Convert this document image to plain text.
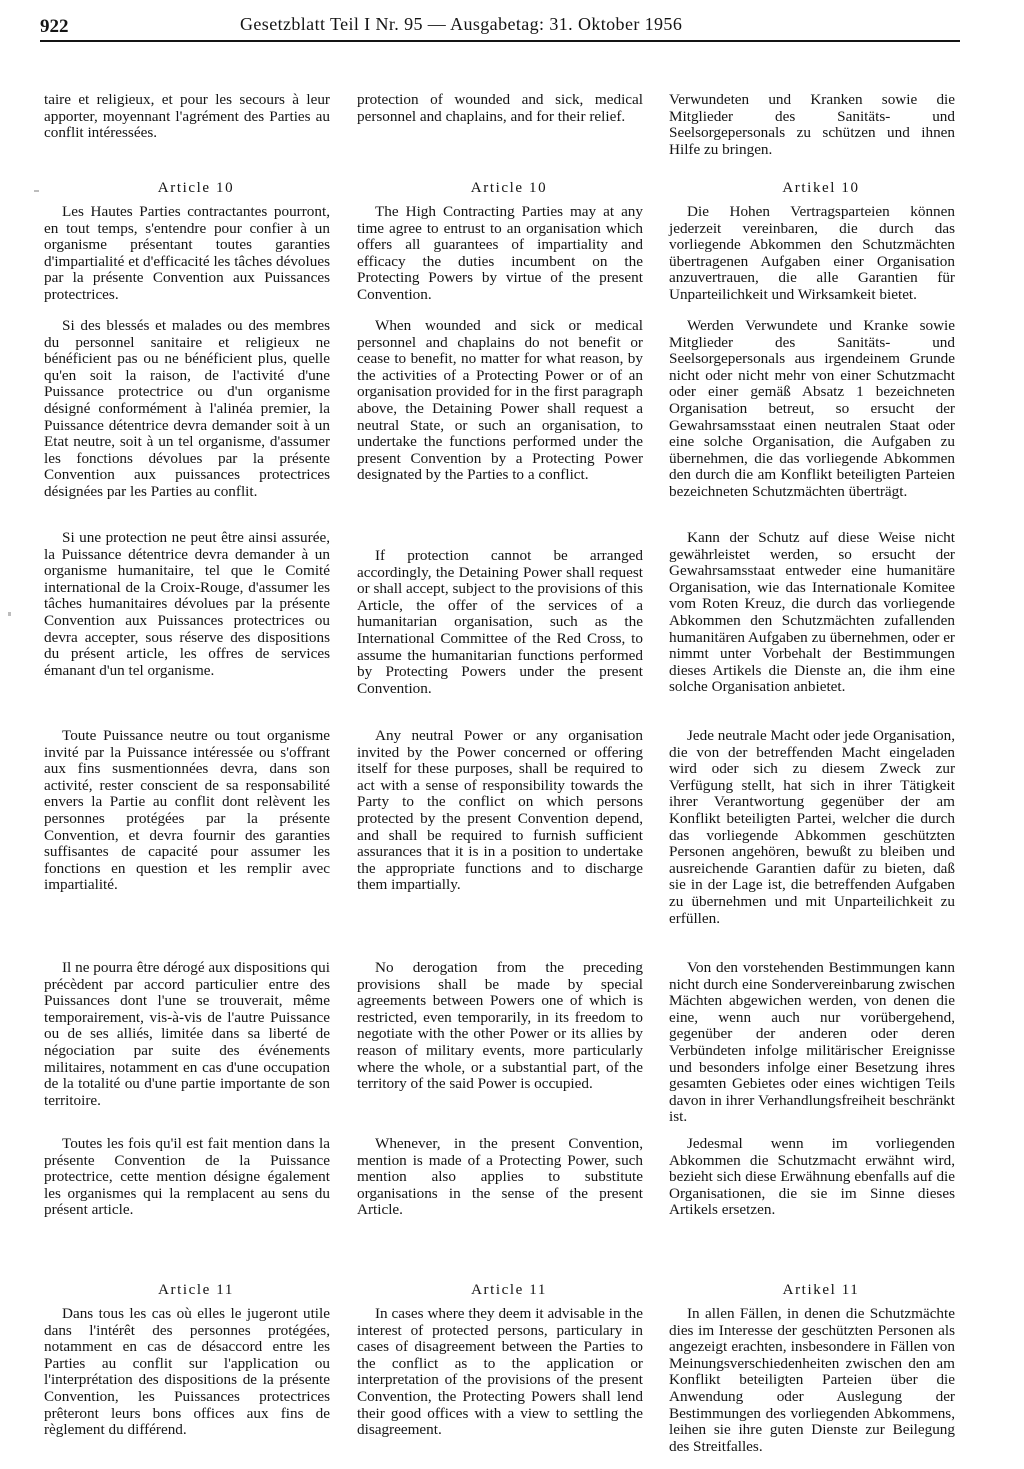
922	Gesetzblatt Teil I Nr. 95 — Ausgabetag: 31. Oktober 1956

taire et religieux, et pour les secours à leur apporter, moyennant l'agrément des Parties au conflit intéressées.

Article 10

Les Hautes Parties contractantes pourront, en tout temps, s'entendre pour confier à un organisme présentant toutes garanties d'impartialité et d'efficacité les tâches dévolues par la présente Convention aux Puissances protectrices.

Si des blessés et malades ou des membres du personnel sanitaire et religieux ne bénéficient pas ou ne bénéficient plus, quelle qu'en soit la raison, de l'activité d'une Puissance protectrice ou d'un organisme désigné conformément à l'alinéa premier, la Puissance détentrice devra demander soit à un Etat neutre, soit à un tel organisme, d'assumer les fonctions dévolues par la présente Convention aux puissances protectrices désignées par les Parties au conflit.

Si une protection ne peut être ainsi assurée, la Puissance détentrice devra demander à un organisme humanitaire, tel que le Comité international de la Croix-Rouge, d'assumer les tâches humanitaires dévolues par la présente Convention aux Puissances protectrices ou devra accepter, sous réserve des dispositions du présent article, les offres de services émanant d'un tel organisme.

Toute Puissance neutre ou tout organisme invité par la Puissance intéressée ou s'offrant aux fins susmentionnées devra, dans son activité, rester conscient de sa responsabilité envers la Partie au conflit dont relèvent les personnes protégées par la présente Convention, et devra fournir des garanties suffisantes de capacité pour assumer les fonctions en question et les remplir avec impartialité.

Il ne pourra être dérogé aux dispositions qui précèdent par accord particulier entre des Puissances dont l'une se trouverait, même temporairement, vis-à-vis de l'autre Puissance ou de ses alliés, limitée dans sa liberté de négociation par suite des événements militaires, notamment en cas d'une occupation de la totalité ou d'une partie importante de son territoire.

Toutes les fois qu'il est fait mention dans la présente Convention de la Puissance protectrice, cette mention désigne également les organismes qui la remplacent au sens du présent article.

Article 11

Dans tous les cas où elles le jugeront utile dans l'intérêt des personnes protégées, notamment en cas de désaccord entre les Parties au conflit sur l'application ou l'interprétation des dispositions de la présente Convention, les Puissances protectrices prêteront leurs bons offices aux fins de règlement du différend.

protection of wounded and sick, medical personnel and chaplains, and for their relief.

Article 10

The High Contracting Parties may at any time agree to entrust to an organisation which offers all guarantees of impartiality and efficacy the duties incumbent on the Protecting Powers by virtue of the present Convention.

When wounded and sick or medical personnel and chaplains do not benefit or cease to benefit, no matter for what reason, by the activities of a Protecting Power or of an organisation provided for in the first paragraph above, the Detaining Power shall request a neutral State, or such an organisation, to undertake the functions performed under the present Convention by a Protecting Power designated by the Parties to a conflict.

If protection cannot be arranged accordingly, the Detaining Power shall request or shall accept, subject to the provisions of this Article, the offer of the services of a humanitarian organisation, such as the International Committee of the Red Cross, to assume the humanitarian functions performed by Protecting Powers under the present Convention.

Any neutral Power or any organisation invited by the Power concerned or offering itself for these purposes, shall be required to act with a sense of responsibility towards the Party to the conflict on which persons protected by the present Convention depend, and shall be required to furnish sufficient assurances that it is in a position to undertake the appropriate functions and to discharge them impartially.

No derogation from the preceding provisions shall be made by special agreements between Powers one of which is restricted, even temporarily, in its freedom to negotiate with the other Power or its allies by reason of military events, more particularly where the whole, or a substantial part, of the territory of the said Power is occupied.

Whenever, in the present Convention, mention is made of a Protecting Power, such mention also applies to substitute organisations in the sense of the present Article.

Article 11

In cases where they deem it advisable in the interest of protected persons, particulary in cases of disagreement between the Parties to the conflict as to the application or interpretation of the provisions of the present Convention, the Protecting Powers shall lend their good offices with a view to settling the disagreement.

Verwundeten und Kranken sowie die Mitglieder des Sanitäts- und Seelsorgepersonals zu schützen und ihnen Hilfe zu bringen.

Artikel 10

Die Hohen Vertragsparteien können jederzeit vereinbaren, die durch das vorliegende Abkommen den Schutzmächten übertragenen Aufgaben einer Organisation anzuvertrauen, die alle Garantien für Unparteilichkeit und Wirksamkeit bietet.

Werden Verwundete und Kranke sowie Mitglieder des Sanitäts- und Seelsorgepersonals aus irgendeinem Grunde nicht oder nicht mehr von einer Schutzmacht oder einer gemäß Absatz 1 bezeichneten Organisation betreut, so ersucht der Gewahrsamsstaat einen neutralen Staat oder eine solche Organisation, die Aufgaben zu übernehmen, die das vorliegende Abkommen den durch die am Konflikt beteiligten Parteien bezeichneten Schutzmächten überträgt.

Kann der Schutz auf diese Weise nicht gewährleistet werden, so ersucht der Gewahrsamsstaat entweder eine humanitäre Organisation, wie das Internationale Komitee vom Roten Kreuz, die durch das vorliegende Abkommen den Schutzmächten zufallenden humanitären Aufgaben zu übernehmen, oder er nimmt unter Vorbehalt der Bestimmungen dieses Artikels die Dienste an, die ihm eine solche Organisation anbietet.

Jede neutrale Macht oder jede Organisation, die von der betreffenden Macht eingeladen wird oder sich zu diesem Zweck zur Verfügung stellt, hat sich in ihrer Tätigkeit ihrer Verantwortung gegenüber der am Konflikt beteiligten Partei, welcher die durch das vorliegende Abkommen geschützten Personen angehören, bewußt zu bleiben und ausreichende Garantien dafür zu bieten, daß sie in der Lage ist, die betreffenden Aufgaben zu übernehmen und mit Unparteilichkeit zu erfüllen.

Von den vorstehenden Bestimmungen kann nicht durch eine Sondervereinbarung zwischen Mächten abgewichen werden, von denen die eine, wenn auch nur vorübergehend, gegenüber der anderen oder deren Verbündeten infolge militärischer Ereignisse und besonders infolge einer Besetzung ihres gesamten Gebietes oder eines wichtigen Teils davon in ihrer Verhandlungsfreiheit beschränkt ist.

Jedesmal wenn im vorliegenden Abkommen die Schutzmacht erwähnt wird, bezieht sich diese Erwähnung ebenfalls auf die Organisationen, die sie im Sinne dieses Artikels ersetzen.

Artikel 11

In allen Fällen, in denen die Schutzmächte dies im Interesse der geschützten Personen als angezeigt erachten, insbesondere in Fällen von Meinungsverschiedenheiten zwischen den am Konflikt beteiligten Parteien über die Anwendung oder Auslegung der Bestimmungen des vorliegenden Abkommens, leihen sie ihre guten Dienste zur Beilegung des Streitfalles.
